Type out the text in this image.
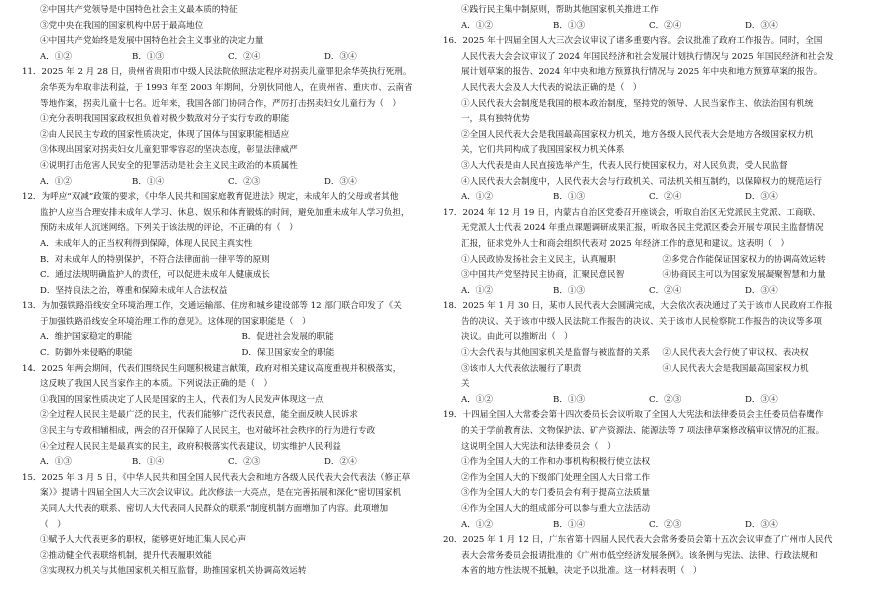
②中国共产党领导是中国特色社会主义最本质的特征
③党中央在我国的国家机构中居于最高地位
④中国共产党始终是发展中国特色社会主义事业的决定力量
A．①②	B．①③	C．②④	D．③④
11．2025 年 2 月 28 日，贵州省贵阳市中级人民法院依照法定程序对拐卖儿童罪犯余华英执行死刑。
余华英为牟取非法利益，于 1993 年至 2003 年期间，分别伙同他人，在贵州省、重庆市、云南省
等地作案，拐卖儿童十七名。近年来，我国各部门协同合作，严厉打击拐卖妇女儿童行为（　）
①充分表明我国国家政权担负着对极少数敌对分子实行专政的职能
②由人民民主专政的国家性质决定，体现了国体与国家职能相适应
③体现出国家对拐卖妇女儿童犯罪零容忍的坚决态度，彰显法律威严
④说明打击危害人民安全的犯罪活动是社会主义民主政治的本质属性
A．①②	B．①④	C．②③	D．③④
12．为呼应“双减”政策的要求，《中华人民共和国家庭教育促进法》规定，未成年人的父母或者其他
监护人应当合理安排未成年人学习、休息、娱乐和体育锻炼的时间，避免加重未成年人学习负担，
预防未成年人沉迷网络。下列关于该法规的评论，不正确的有（　）
A．未成年人的正当权利得到保障，体现人民民主真实性
B．对未成年人的特别保护，不符合法律面前一律平等的原则
C．通过法规明确监护人的责任，可以促进未成年人健康成长
D．坚持良法之治，尊重和保障未成年人合法权益
13．为加强铁路沿线安全环境治理工作，交通运输部、住房和城乡建设部等 12 部门联合印发了《关
于加强铁路沿线安全环境治理工作的意见》。这体现的国家职能是（　）
A．维护国家稳定的职能	B．促进社会发展的职能
C．防御外来侵略的职能	D．保卫国家安全的职能
14．2025 年两会期间，代表们围绕民生问题积极建言献策，政府对相关建议高度重视并积极落实，
这反映了我国人民当家作主的本质。下列说法正确的是（　）
①我国的国家性质决定了人民是国家的主人，代表们为人民发声体现这一点
②全过程人民民主是最广泛的民主，代表们能够广泛代表民意，能全面反映人民诉求
③民主与专政相辅相成，两会的召开保障了人民民主，也对破坏社会秩序的行为进行专政
④全过程人民民主是最真实的民主，政府积极落实代表建议，切实维护人民利益
A．①③	B．①④	C．②③	D．②④
15．2025 年 3 月 5 日，《中华人民共和国全国人民代表大会和地方各级人民代表大会代表法（修正草
案）》提请十四届全国人大三次会议审议。此次修法一大亮点，是在完善拓展和深化“密切国家机
关同人大代表的联系、密切人大代表同人民群众的联系”制度机制方面增加了内容。此项增加
（　）
①赋予人大代表更多的职权，能够更好地汇集人民心声
②推动健全代表联络机制，提升代表履职效能
③实现权力机关与其他国家机关相互监督，助推国家机关协调高效运转
④践行民主集中制原则，帮助其他国家机关推进工作
A．①②	B．①③	C．②④	D．③④
16．2025 年十四届全国人大三次会议审议了诸多重要内容。会议批准了政府工作报告。同时，全国
人民代表大会会议审议了 2024 年国民经济和社会发展计划执行情况与 2025 年国民经济和社会发
展计划草案的报告、2024 年中央和地方预算执行情况与 2025 年中央和地方预算草案的报告。
人民代表大会及人大代表的说法正确的是（　）
①人民代表大会制度是我国的根本政治制度，坚持党的领导、人民当家作主、依法治国有机统
一，具有独特优势
②全国人民代表大会是我国最高国家权力机关，地方各级人民代表大会是地方各级国家权力机
关，它们共同构成了我国国家权力机关体系
③人大代表是由人民直接选举产生，代表人民行使国家权力，对人民负责，受人民监督
④人民代表大会制度中，人民代表大会与行政机关、司法机关相互制约，以保障权力的规范运行
A．①②	B．①③	C．②④	D．③④
17．2024 年 12 月 19 日，内蒙古自治区党委召开座谈会，听取自治区无党派民主党派、工商联、
无党派人士代表 2024 年重点课题调研成果汇报，听取各民主党派区委会开展专项民主监督情况
汇报，征求党外人士和商会组织代表对 2025 年经济工作的意见和建议。这表明（　）
①人民政协发扬社会主义民主，认真履职	②多党合作能保证国家权力的协调高效运转
③中国共产党坚持民主协商，汇聚民意民智	④协商民主可以为国家发展凝聚智慧和力量
A．①②	B．①③	C．②④	D．③④
18．2025 年 1 月 30 日，某市人民代表大会圆满完成，大会依次表决通过了关于该市人民政府工作报
告的决议、关于该市中级人民法院工作报告的决议、关于该市人民检察院工作报告的决议等多项
决议。由此可以推断出（　）
①大会代表与其他国家机关是监督与被监督的关系	②人民代表大会行使了审议权、表决权
③该市人大代表依法履行了职责	④人民代表大会是我国最高国家权力机
关
A．①②	B．①③	C．②③	D．③④
19．十四届全国人大常委会第十四次委员长会议听取了全国人大宪法和法律委员会主任委员信春鹰作
的关于学前教育法、文物保护法、矿产资源法、能源法等 7 项法律草案修改稿审议情况的汇报。
这说明全国人大宪法和法律委员会（　）
①作为全国人大的工作和办事机构积极行使立法权
②作为全国人大的下级部门处理全国人大日常工作
③作为全国人大的专门委员会有利于提高立法质量
④作为全国人大的组成部分可以参与重大立法活动
A．①②	B．①④	C．②③	D．③④
20．2025 年 1 月 12 日，广东省第十四届人民代表大会常务委员会第十五次会议审查了广州市人民代
表大会常务委员会报请批准的《广州市低空经济发展条例》。该条例与宪法、法律、行政法规和
本省的地方性法规不抵触，决定予以批准。这一材料表明（　）
